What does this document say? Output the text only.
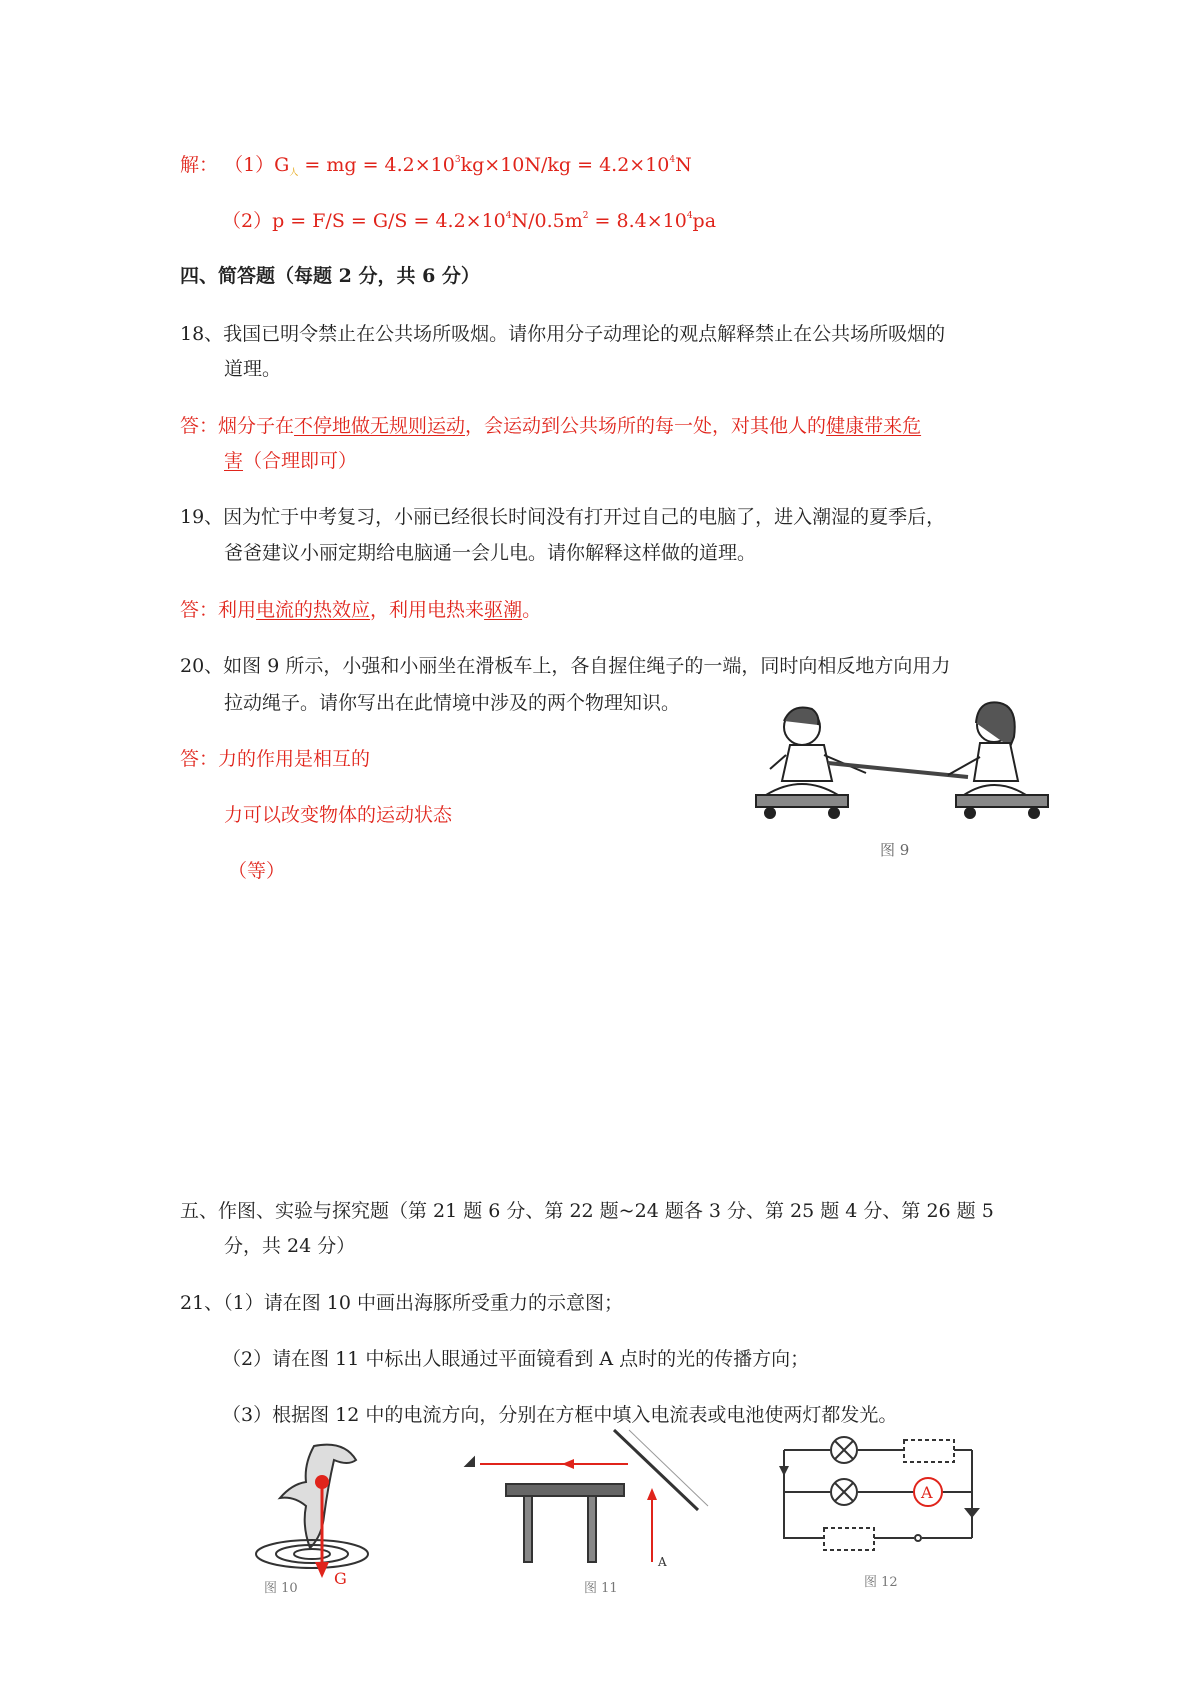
解： $(1)G_人$ = mg = $4.2\times 10^3kg\times 10N/kg = 4.2\times 10^4N$
$(2)p = F/S = G/S = 4.2\times 10^4N/0.5m^2 = 8.4\times 10^4pa$
四、简答题（每题 2 分，共 6 分）
18、我国已明令禁止在公共场所吸烟。请你用分子动理论的观点解释禁止在公共场所吸烟的
道理。
答：烟分子在不停地做无规则运动，会运动到公共场所的每一处，对其他人的健康带来危
害（合理即可）
19、因为忙于中考复习，小丽已经很长时间没有打开过自己的电脑了，进入潮湿的夏季后，
爸爸建议小丽定期给电脑通一会儿电。请你解释这样做的道理。
答：利用电流的热效应，利用电热来驱潮。
20、如图 9 所示，小强和小丽坐在滑板车上，各自握住绳子的一端，同时向相反地方向用力
拉动绳子。请你写出在此情境中涉及的两个物理知识。
答：力的作用是相互的
力可以改变物体的运动状态
（等）
图 9
五、作图、实验与探究题（第 21 题 6 分、第 22 题~24 题各 3 分、第 25 题 4 分、第 26 题 5
分，共 24 分）
21、（1）请在图 10 中画出海豚所受重力的示意图；
（2）请在图 11 中标出人眼通过平面镜看到 A 点时的光的传播方向；
（3）根据图 12 中的电流方向，分别在方框中填入电流表或电池使两灯都发光。
G
图 10
A
图 11
A
图 12
